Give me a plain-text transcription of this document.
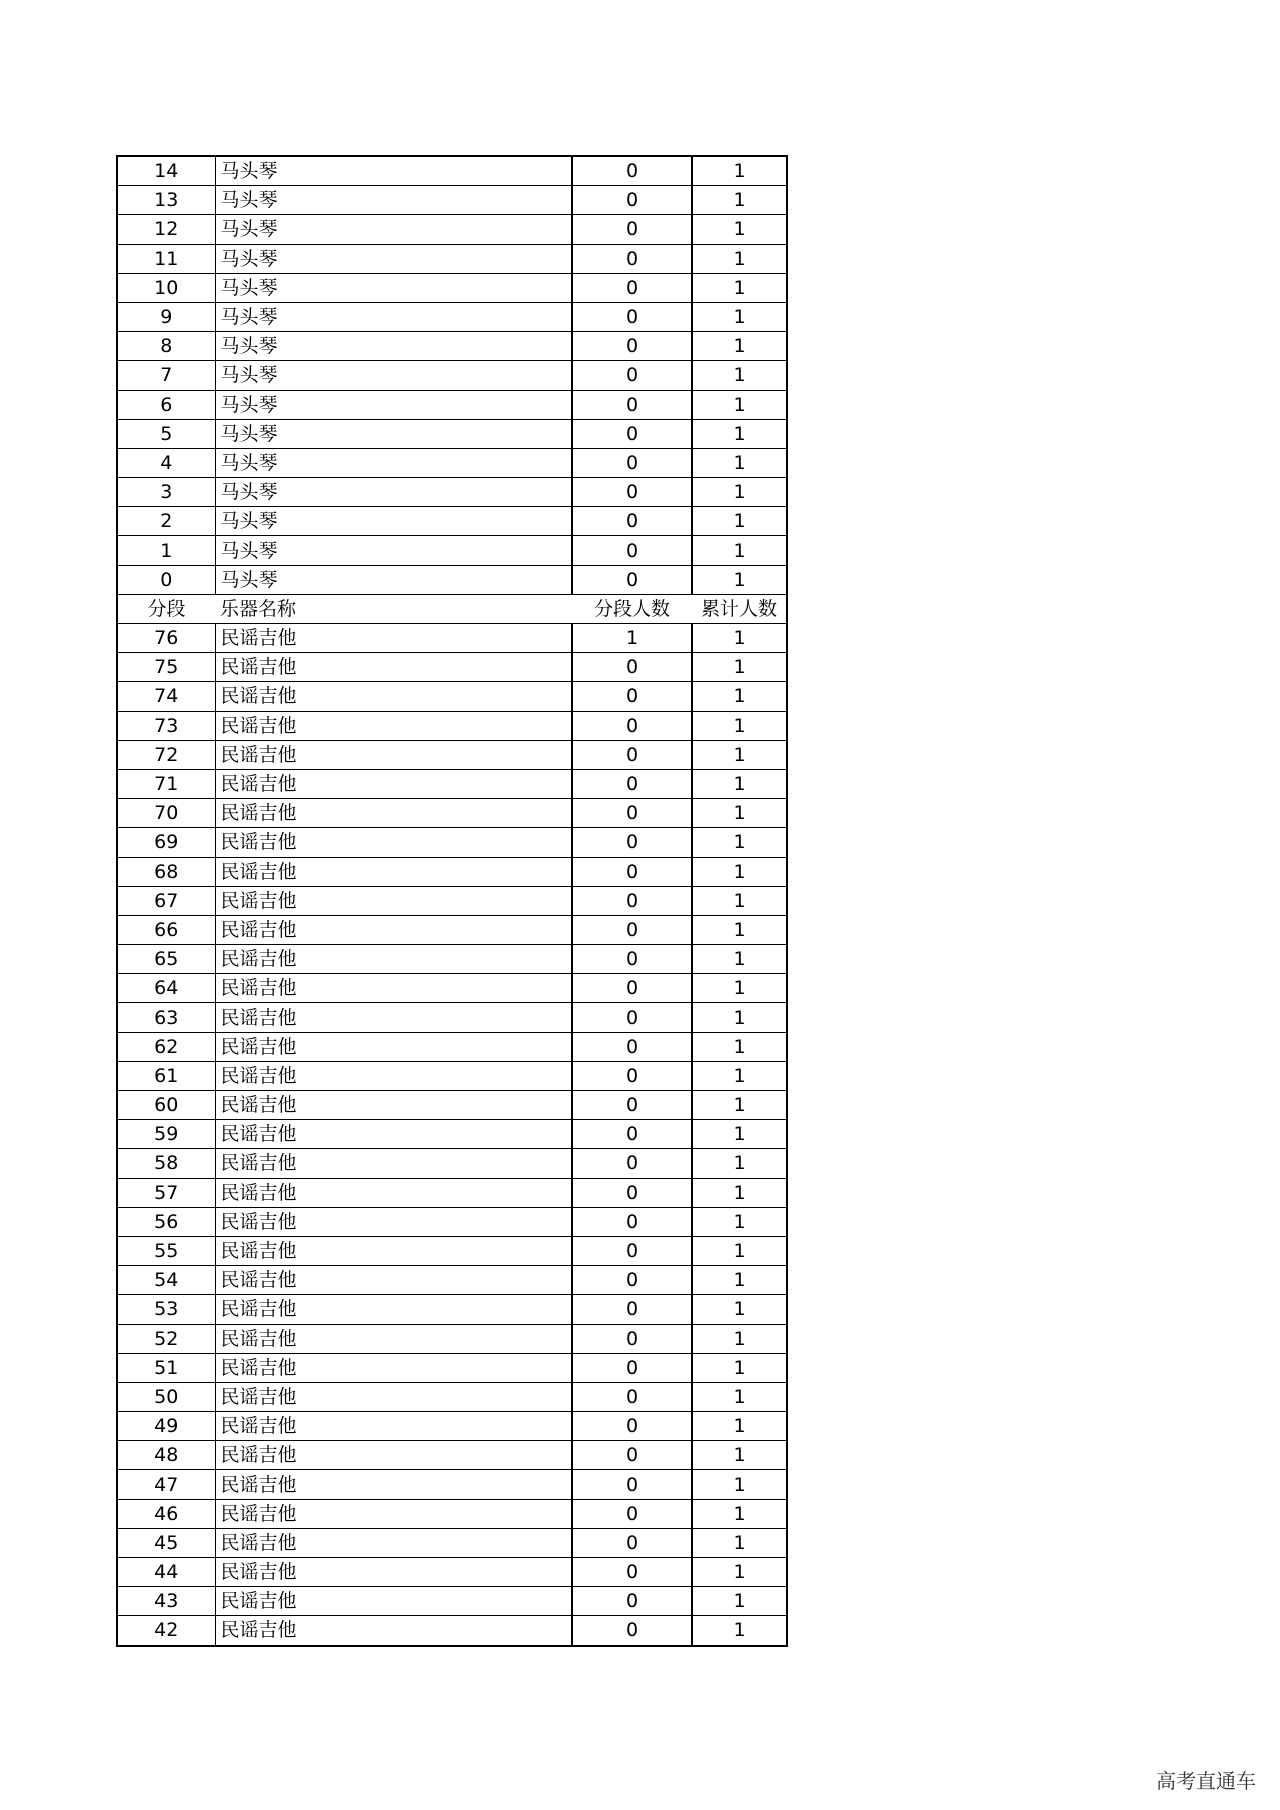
14	马头琴	0	1
13	马头琴	0	1
12	马头琴	0	1
11	马头琴	0	1
10	马头琴	0	1
9	马头琴	0	1
8	马头琴	0	1
7	马头琴	0	1
6	马头琴	0	1
5	马头琴	0	1
4	马头琴	0	1
3	马头琴	0	1
2	马头琴	0	1
1	马头琴	0	1
0	马头琴	0	1
分段	乐器名称	分段人数	累计人数
76	民谣吉他	1	1
75	民谣吉他	0	1
74	民谣吉他	0	1
73	民谣吉他	0	1
72	民谣吉他	0	1
71	民谣吉他	0	1
70	民谣吉他	0	1
69	民谣吉他	0	1
68	民谣吉他	0	1
67	民谣吉他	0	1
66	民谣吉他	0	1
65	民谣吉他	0	1
64	民谣吉他	0	1
63	民谣吉他	0	1
62	民谣吉他	0	1
61	民谣吉他	0	1
60	民谣吉他	0	1
59	民谣吉他	0	1
58	民谣吉他	0	1
57	民谣吉他	0	1
56	民谣吉他	0	1
55	民谣吉他	0	1
54	民谣吉他	0	1
53	民谣吉他	0	1
52	民谣吉他	0	1
51	民谣吉他	0	1
50	民谣吉他	0	1
49	民谣吉他	0	1
48	民谣吉他	0	1
47	民谣吉他	0	1
46	民谣吉他	0	1
45	民谣吉他	0	1
44	民谣吉他	0	1
43	民谣吉他	0	1
42	民谣吉他	0	1
高考直通车
